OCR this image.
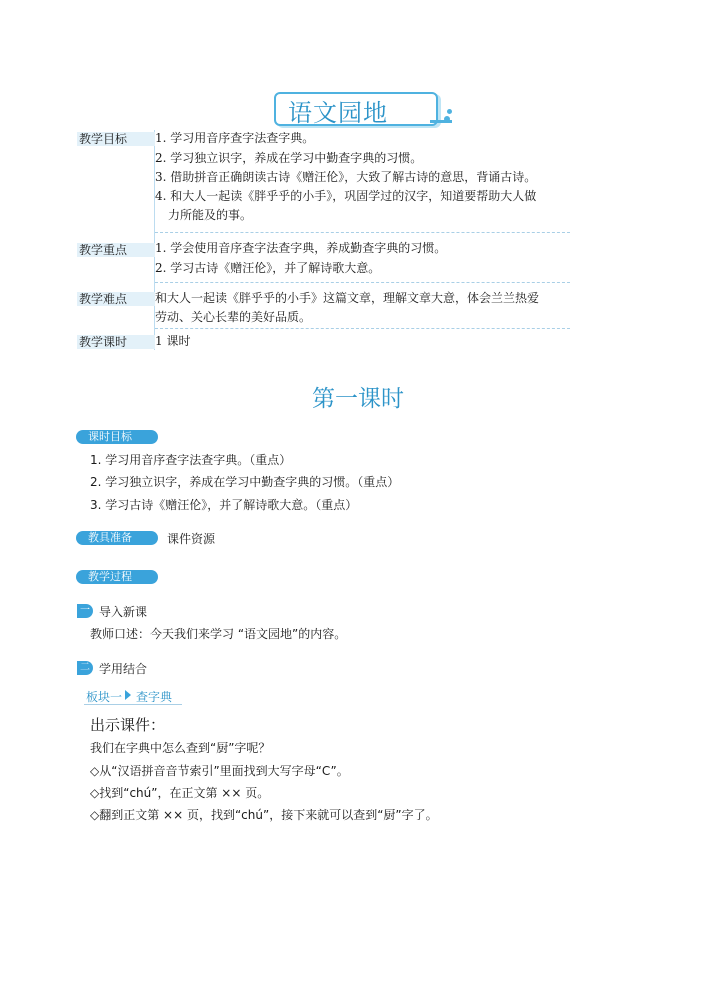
语文园地
教学目标	1. 学习用音序查字法查字典。
2. 学习独立识字，养成在学习中勤查字典的习惯。
3. 借助拼音正确朗读古诗《赠汪伦》，大致了解古诗的意思，背诵古诗。
4. 和大人一起读《胖乎乎的小手》，巩固学过的汉字，知道要帮助大人做
力所能及的事。
教学重点	1. 学会使用音序查字法查字典，养成勤查字典的习惯。
2. 学习古诗《赠汪伦》，并了解诗歌大意。
教学难点	和大人一起读《胖乎乎的小手》这篇文章，理解文章大意，体会兰兰热爱
劳动、关心长辈的美好品质。
教学课时	1 课时
第一课时
课时目标
1. 学习用音序查字法查字典。（重点）
2. 学习独立识字，养成在学习中勤查字典的习惯。（重点）
3. 学习古诗《赠汪伦》，并了解诗歌大意。（重点）
教具准备	课件资源
教学过程
一 导入新课
教师口述：今天我们来学习 “语文园地”的内容。
二 学用结合
板块一 查字典
出示课件：
我们在字典中怎么查到“厨”字呢？
◇从“汉语拼音音节索引”里面找到大写字母“C”。
◇找到“chú”，在正文第 ×× 页。
◇翻到正文第 ×× 页，找到“chú”，接下来就可以查到“厨”字了。
